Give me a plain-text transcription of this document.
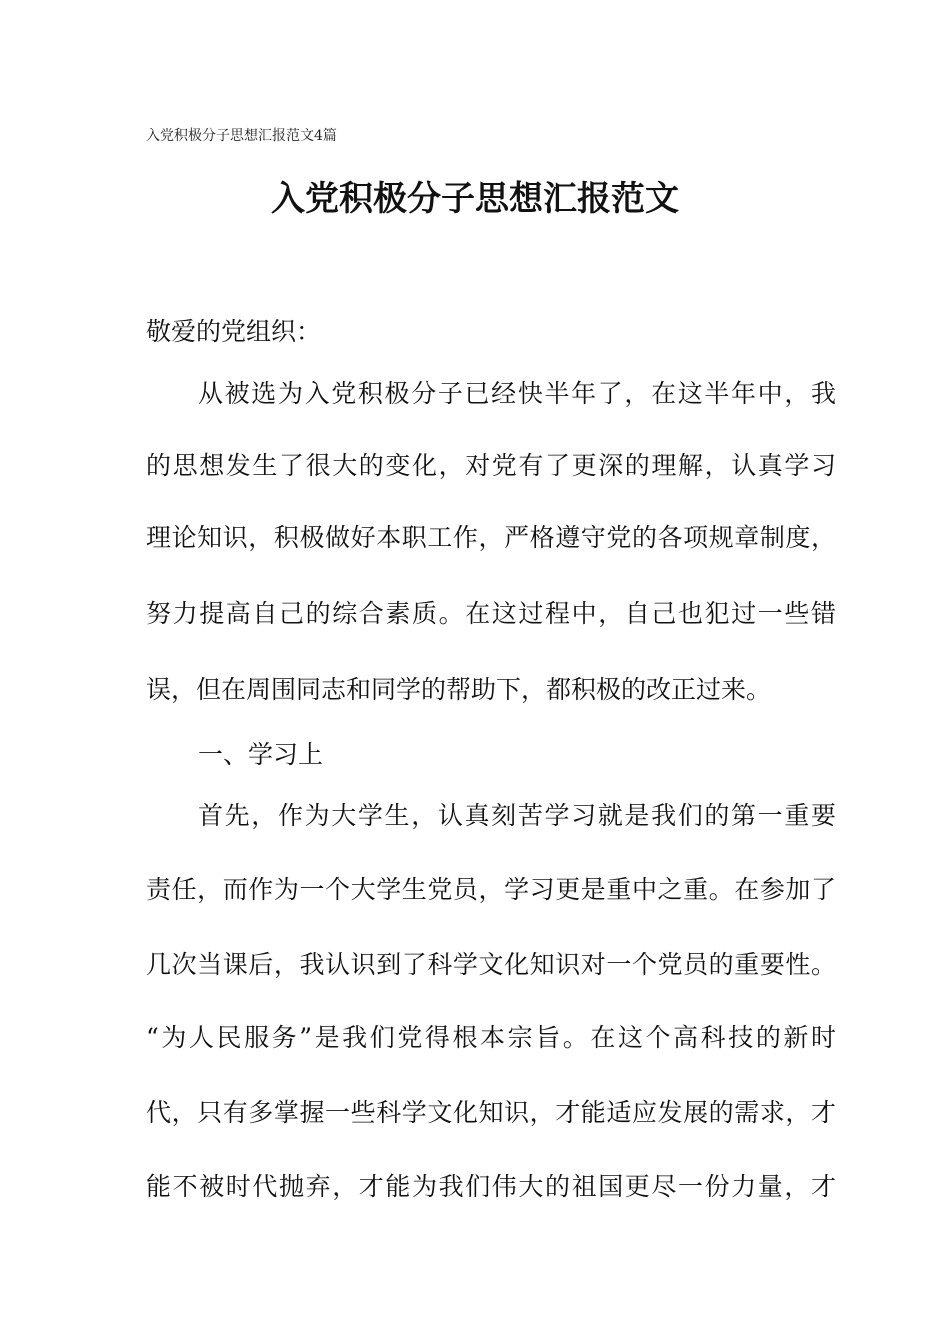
入党积极分子思想汇报范文4篇
入党积极分子思想汇报范文
敬爱的党组织：
从被选为入党积极分子已经快半年了，在这半年中，我
的思想发生了很大的变化，对党有了更深的理解，认真学习
理论知识，积极做好本职工作，严格遵守党的各项规章制度，
努力提高自己的综合素质。在这过程中，自己也犯过一些错
误，但在周围同志和同学的帮助下，都积极的改正过来。
一、学习上
首先，作为大学生，认真刻苦学习就是我们的第一重要
责任，而作为一个大学生党员，学习更是重中之重。在参加了
几次当课后，我认识到了科学文化知识对一个党员的重要性。
“为人民服务”是我们党得根本宗旨。在这个高科技的新时
代，只有多掌握一些科学文化知识，才能适应发展的需求，才
能不被时代抛弃，才能为我们伟大的祖国更尽一份力量，才
